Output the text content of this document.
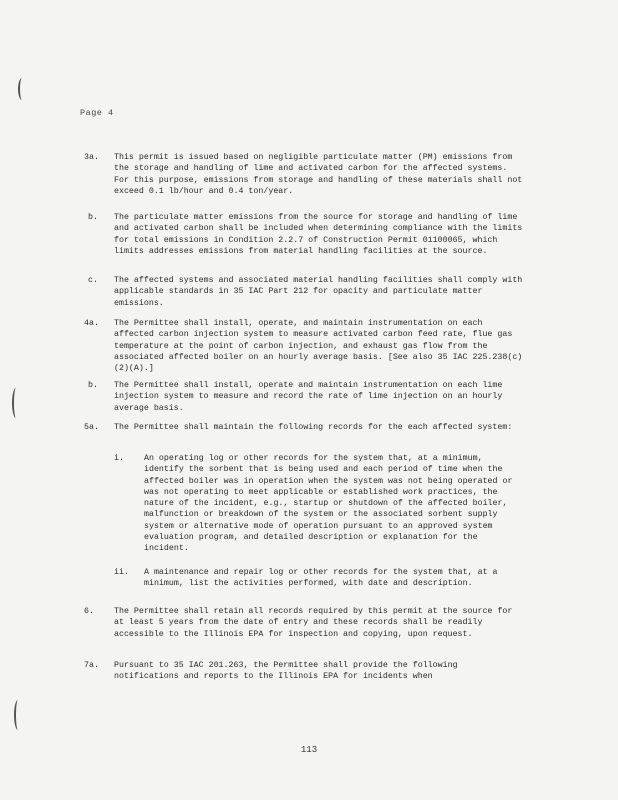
Page 4
3a.	This permit is issued based on negligible particulate matter (PM) emissions from the storage and handling of lime and activated carbon for the affected systems. For this purpose, emissions from storage and handling of these materials shall not exceed 0.1 lb/hour and 0.4 ton/year.
b.	The particulate matter emissions from the source for storage and handling of lime and activated carbon shall be included when determining compliance with the limits for total emissions in Condition 2.2.7 of Construction Permit 01100065, which limits addresses emissions from material handling facilities at the source.
c.	The affected systems and associated material handling facilities shall comply with applicable standards in 35 IAC Part 212 for opacity and particulate matter emissions.
4a.	The Permittee shall install, operate, and maintain instrumentation on each affected carbon injection system to measure activated carbon feed rate, flue gas temperature at the point of carbon injection, and exhaust gas flow from the associated affected boiler on an hourly average basis. [See also 35 IAC 225.238(c)(2)(A).]
b.	The Permittee shall install, operate and maintain instrumentation on each lime injection system to measure and record the rate of lime injection on an hourly average basis.
5a.	The Permittee shall maintain the following records for the each affected system:
i. An operating log or other records for the system that, at a minimum, identify the sorbent that is being used and each period of time when the affected boiler was in operation when the system was not being operated or was not operating to meet applicable or established work practices, the nature of the incident, e.g., startup or shutdown of the affected boiler, malfunction or breakdown of the system or the associated sorbent supply system or alternative mode of operation pursuant to an approved system evaluation program, and detailed description or explanation for the incident.
ii. A maintenance and repair log or other records for the system that, at a minimum, list the activities performed, with date and description.
6.	The Permittee shall retain all records required by this permit at the source for at least 5 years from the date of entry and these records shall be readily accessible to the Illinois EPA for inspection and copying, upon request.
7a.	Pursuant to 35 IAC 201.263, the Permittee shall provide the following notifications and reports to the Illinois EPA for incidents when
113
